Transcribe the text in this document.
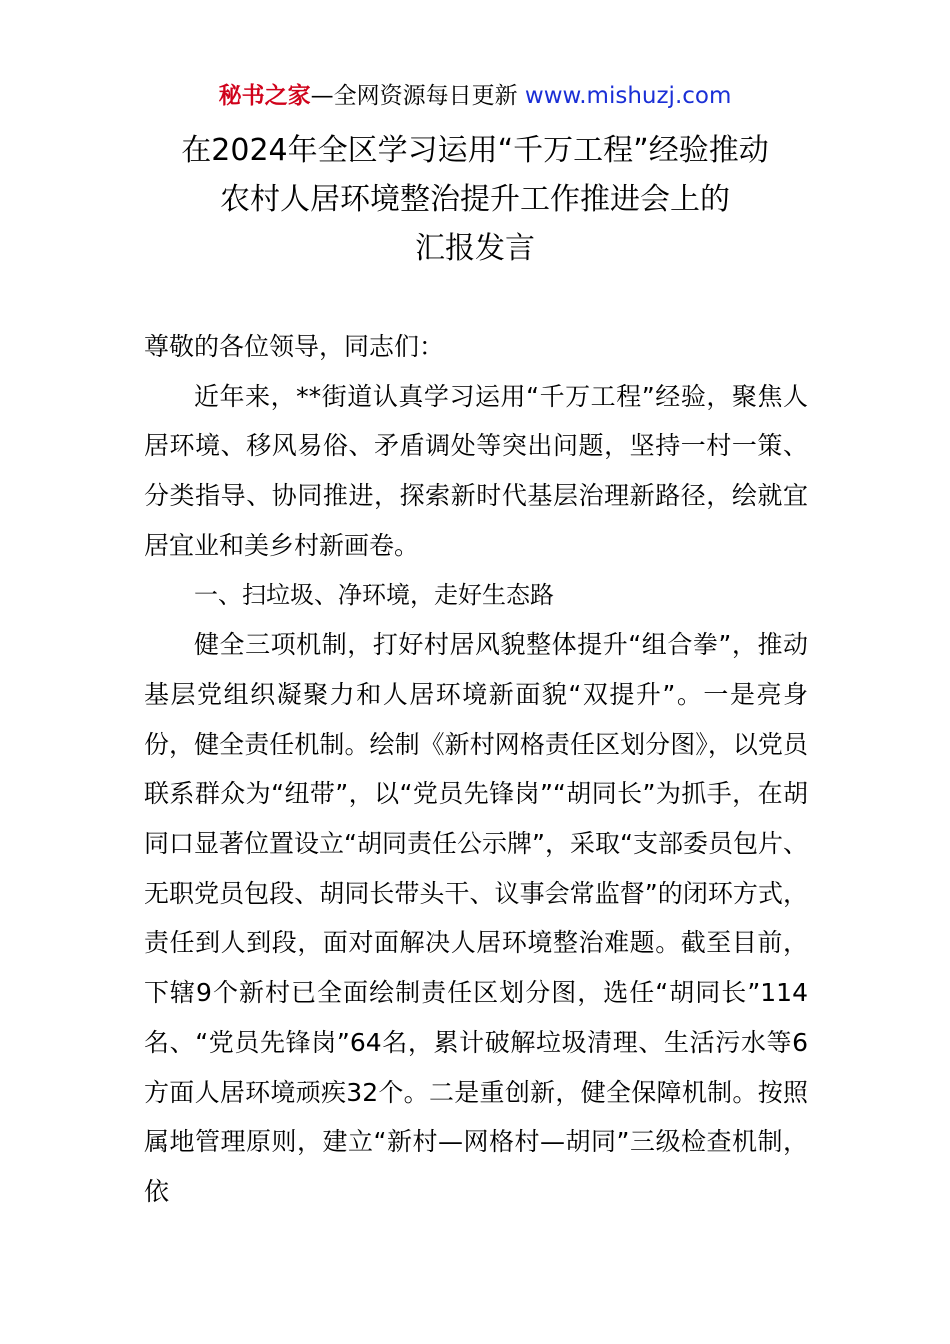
秘书之家—全网资源每日更新 www.mishuzj.com
在2024年全区学习运用“千万工程”经验推动
农村人居环境整治提升工作推进会上的
汇报发言

尊敬的各位领导，同志们：

近年来，**街道认真学习运用“千万工程”经验，聚焦人居环境、移风易俗、矛盾调处等突出问题，坚持一村一策、分类指导、协同推进，探索新时代基层治理新路径，绘就宜居宜业和美乡村新画卷。

一、扫垃圾、净环境，走好生态路

健全三项机制，打好村居风貌整体提升“组合拳”，推动基层党组织凝聚力和人居环境新面貌“双提升”。一是亮身份，健全责任机制。绘制《新村网格责任区划分图》，以党员联系群众为“纽带”，以“党员先锋岗”“胡同长”为抓手，在胡同口显著位置设立“胡同责任公示牌”，采取“支部委员包片、无职党员包段、胡同长带头干、议事会常监督”的闭环方式，责任到人到段，面对面解决人居环境整治难题。截至目前，下辖9个新村已全面绘制责任区划分图，选任“胡同长”114名、“党员先锋岗”64名，累计破解垃圾清理、生活污水等6方面人居环境顽疾32个。二是重创新，健全保障机制。按照属地管理原则，建立“新村—网格村—胡同”三级检查机制，依
